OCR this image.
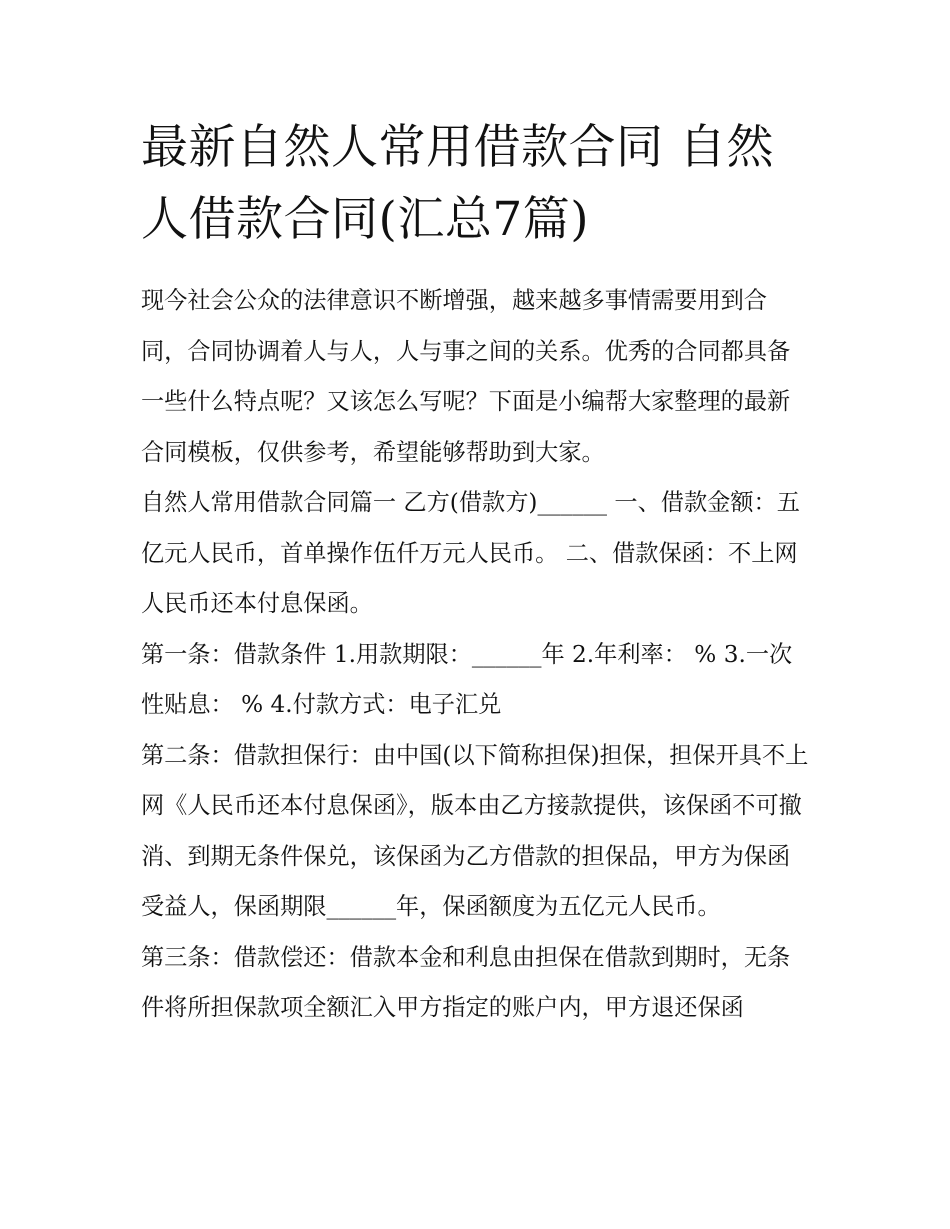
最新自然人常用借款合同 自然人借款合同(汇总7篇)

现今社会公众的法律意识不断增强，越来越多事情需要用到合同，合同协调着人与人，人与事之间的关系。优秀的合同都具备一些什么特点呢？又该怎么写呢？下面是小编帮大家整理的最新合同模板，仅供参考，希望能够帮助到大家。

自然人常用借款合同篇一 乙方(借款方)______ 一、借款金额：五亿元人民币，首单操作伍仟万元人民币。 二、借款保函：不上网人民币还本付息保函。

第一条：借款条件 1.用款期限：______年 2.年利率： % 3.一次性贴息： % 4.付款方式：电子汇兑

第二条：借款担保行：由中国(以下简称担保)担保，担保开具不上网《人民币还本付息保函》，版本由乙方接款提供，该保函不可撤消、到期无条件保兑，该保函为乙方借款的担保品，甲方为保函受益人，保函期限______年，保函额度为五亿元人民币。

第三条：借款偿还：借款本金和利息由担保在借款到期时，无条件将所担保款项全额汇入甲方指定的账户内，甲方退还保函
